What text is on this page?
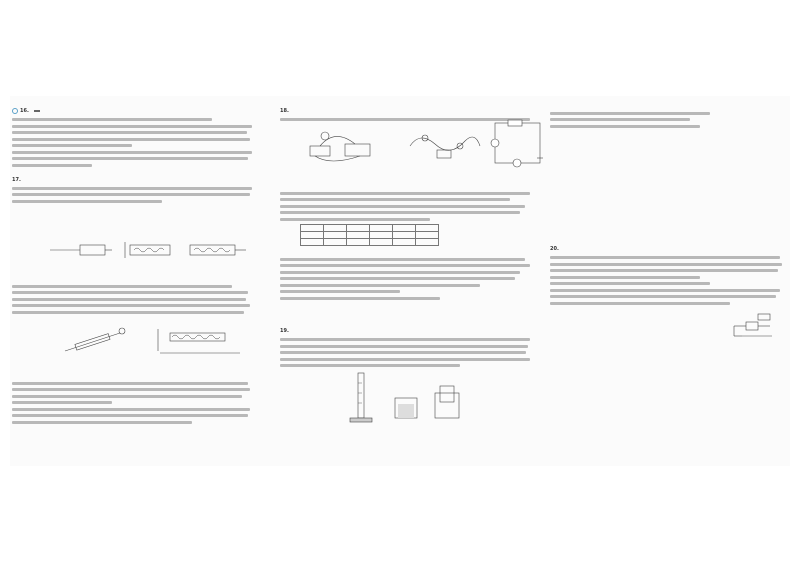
16.
17.
18.

19.
20.
